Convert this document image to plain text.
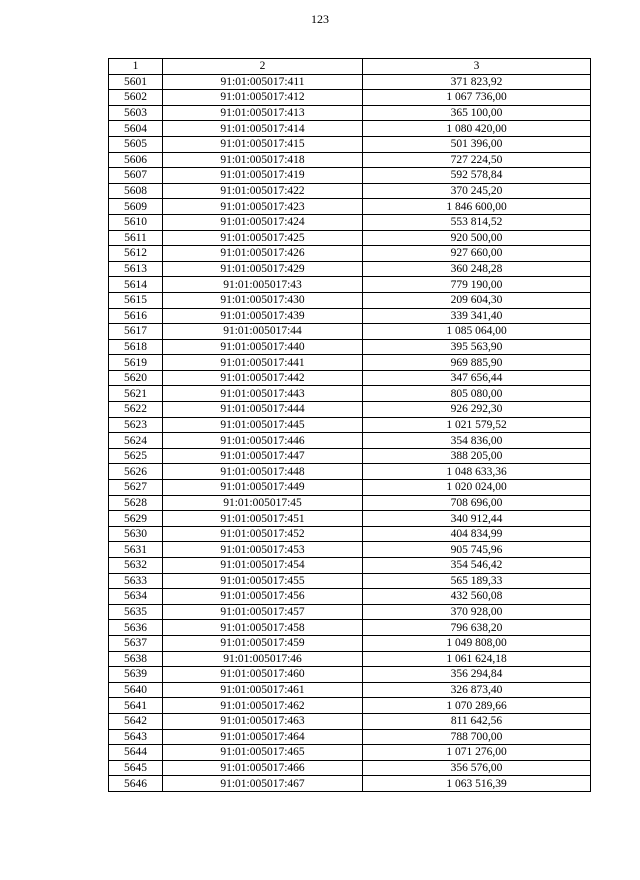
123
1	2	3
5601	91:01:005017:411	371 823,92
5602	91:01:005017:412	1 067 736,00
5603	91:01:005017:413	365 100,00
5604	91:01:005017:414	1 080 420,00
5605	91:01:005017:415	501 396,00
5606	91:01:005017:418	727 224,50
5607	91:01:005017:419	592 578,84
5608	91:01:005017:422	370 245,20
5609	91:01:005017:423	1 846 600,00
5610	91:01:005017:424	553 814,52
5611	91:01:005017:425	920 500,00
5612	91:01:005017:426	927 660,00
5613	91:01:005017:429	360 248,28
5614	91:01:005017:43	779 190,00
5615	91:01:005017:430	209 604,30
5616	91:01:005017:439	339 341,40
5617	91:01:005017:44	1 085 064,00
5618	91:01:005017:440	395 563,90
5619	91:01:005017:441	969 885,90
5620	91:01:005017:442	347 656,44
5621	91:01:005017:443	805 080,00
5622	91:01:005017:444	926 292,30
5623	91:01:005017:445	1 021 579,52
5624	91:01:005017:446	354 836,00
5625	91:01:005017:447	388 205,00
5626	91:01:005017:448	1 048 633,36
5627	91:01:005017:449	1 020 024,00
5628	91:01:005017:45	708 696,00
5629	91:01:005017:451	340 912,44
5630	91:01:005017:452	404 834,99
5631	91:01:005017:453	905 745,96
5632	91:01:005017:454	354 546,42
5633	91:01:005017:455	565 189,33
5634	91:01:005017:456	432 560,08
5635	91:01:005017:457	370 928,00
5636	91:01:005017:458	796 638,20
5637	91:01:005017:459	1 049 808,00
5638	91:01:005017:46	1 061 624,18
5639	91:01:005017:460	356 294,84
5640	91:01:005017:461	326 873,40
5641	91:01:005017:462	1 070 289,66
5642	91:01:005017:463	811 642,56
5643	91:01:005017:464	788 700,00
5644	91:01:005017:465	1 071 276,00
5645	91:01:005017:466	356 576,00
5646	91:01:005017:467	1 063 516,39
